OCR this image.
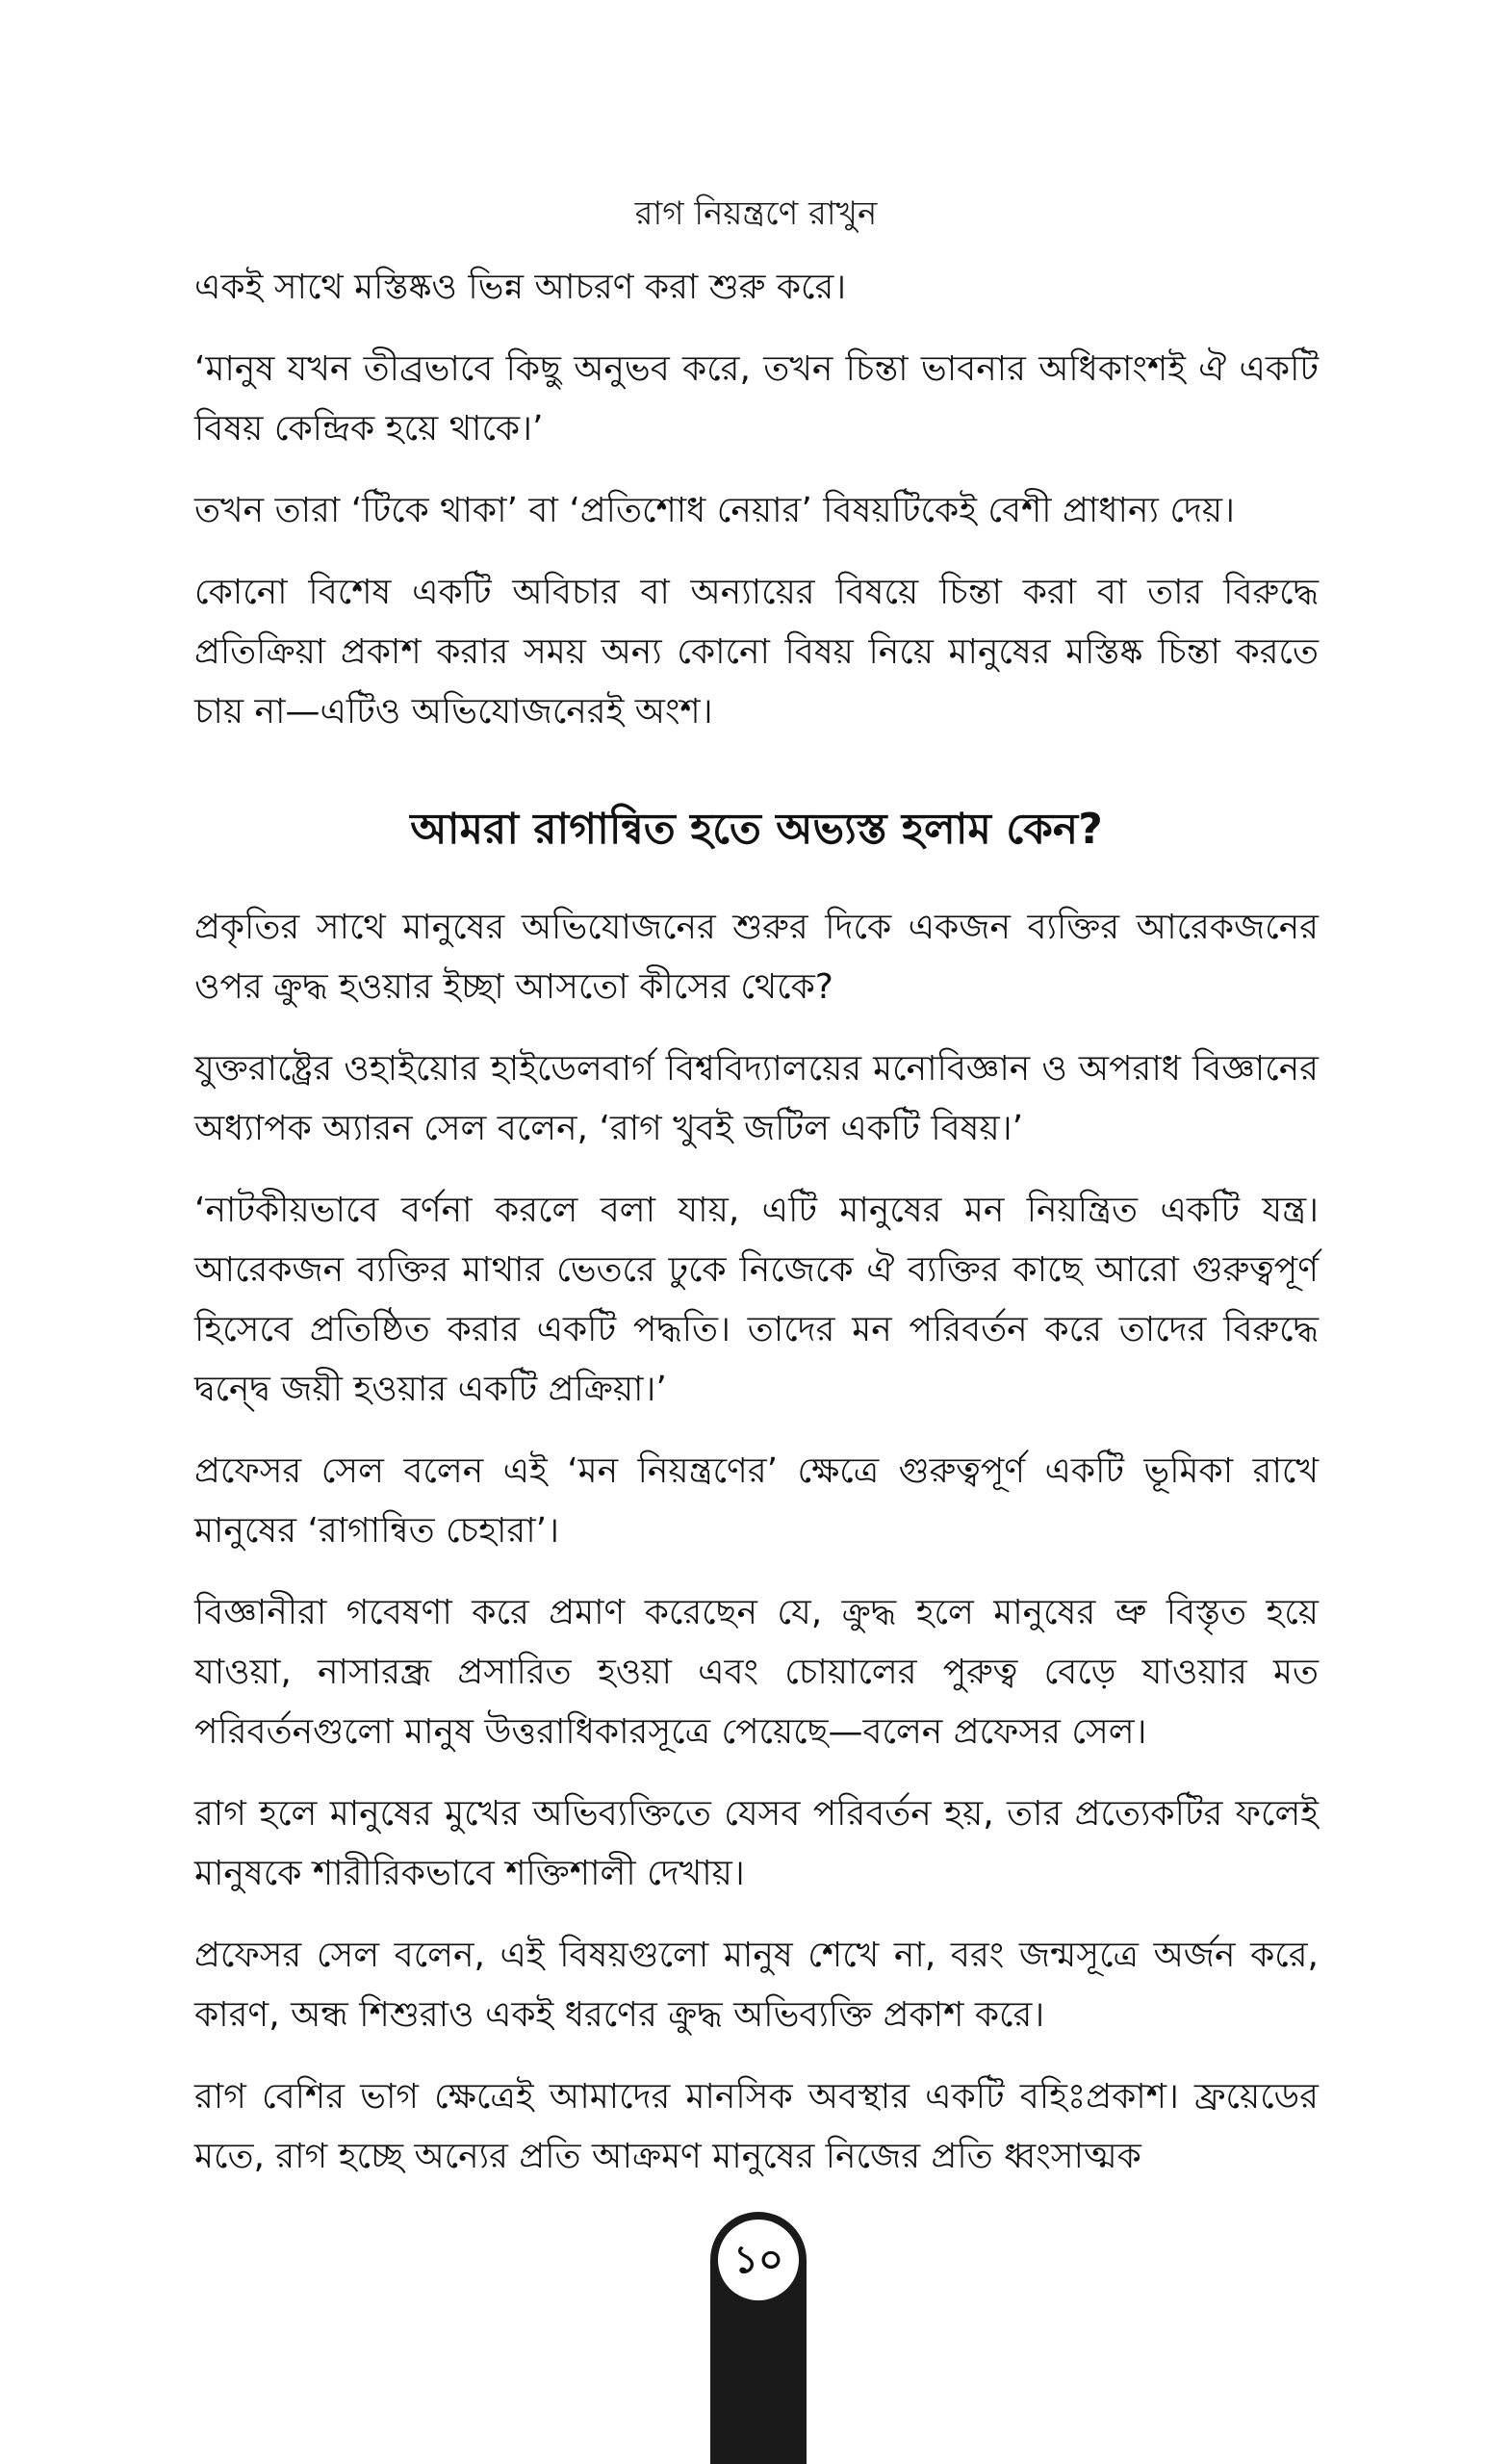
রাগ নিয়ন্ত্রণে রাখুন

একই সাথে মস্তিষ্কও ভিন্ন আচরণ করা শুরু করে।

‘মানুষ যখন তীব্রভাবে কিছু অনুভব করে, তখন চিন্তা ভাবনার অধিকাংশই ঐ একটি বিষয় কেন্দ্রিক হয়ে থাকে।’

তখন তারা ‘টিকে থাকা’ বা ‘প্রতিশোধ নেয়ার’ বিষয়টিকেই বেশী প্রাধান্য দেয়।

কোনো বিশেষ একটি অবিচার বা অন্যায়ের বিষয়ে চিন্তা করা বা তার বিরুদ্ধে প্রতিক্রিয়া প্রকাশ করার সময় অন্য কোনো বিষয় নিয়ে মানুষের মস্তিষ্ক চিন্তা করতে চায় না—এটিও অভিযোজনেরই অংশ।

আমরা রাগান্বিত হতে অভ্যস্ত হলাম কেন?

প্রকৃতির সাথে মানুষের অভিযোজনের শুরুর দিকে একজন ব্যক্তির আরেকজনের ওপর ক্রুদ্ধ হওয়ার ইচ্ছা আসতো কীসের থেকে?

যুক্তরাষ্ট্রের ওহাইয়োর হাইডেলবার্গ বিশ্ববিদ্যালয়ের মনোবিজ্ঞান ও অপরাধ বিজ্ঞানের অধ্যাপক অ্যারন সেল বলেন, ‘রাগ খুবই জটিল একটি বিষয়।’

‘নাটকীয়ভাবে বর্ণনা করলে বলা যায়, এটি মানুষের মন নিয়ন্ত্রিত একটি যন্ত্র। আরেকজন ব্যক্তির মাথার ভেতরে ঢুকে নিজেকে ঐ ব্যক্তির কাছে আরো গুরুত্বপূর্ণ হিসেবে প্রতিষ্ঠিত করার একটি পদ্ধতি। তাদের মন পরিবর্তন করে তাদের বিরুদ্ধে দ্বন্দ্বে জয়ী হওয়ার একটি প্রক্রিয়া।’

প্রফেসর সেল বলেন এই ‘মন নিয়ন্ত্রণের’ ক্ষেত্রে গুরুত্বপূর্ণ একটি ভূমিকা রাখে মানুষের ‘রাগান্বিত চেহারা’।

বিজ্ঞানীরা গবেষণা করে প্রমাণ করেছেন যে, ক্রুদ্ধ হলে মানুষের ভ্রু বিস্তৃত হয়ে যাওয়া, নাসারন্ধ্র প্রসারিত হওয়া এবং চোয়ালের পুরুত্ব বেড়ে যাওয়ার মত পরিবর্তনগুলো মানুষ উত্তরাধিকারসূত্রে পেয়েছে—বলেন প্রফেসর সেল।

রাগ হলে মানুষের মুখের অভিব্যক্তিতে যেসব পরিবর্তন হয়, তার প্রত্যেকটির ফলেই মানুষকে শারীরিকভাবে শক্তিশালী দেখায়।

প্রফেসর সেল বলেন, এই বিষয়গুলো মানুষ শেখে না, বরং জন্মসূত্রে অর্জন করে, কারণ, অন্ধ শিশুরাও একই ধরণের ক্রুদ্ধ অভিব্যক্তি প্রকাশ করে।

রাগ বেশির ভাগ ক্ষেত্রেই আমাদের মানসিক অবস্থার একটি বহিঃপ্রকাশ। ফ্রয়েডের মতে, রাগ হচ্ছে অন্যের প্রতি আক্রমণ মানুষের নিজের প্রতি ধ্বংসাত্মক

১০
